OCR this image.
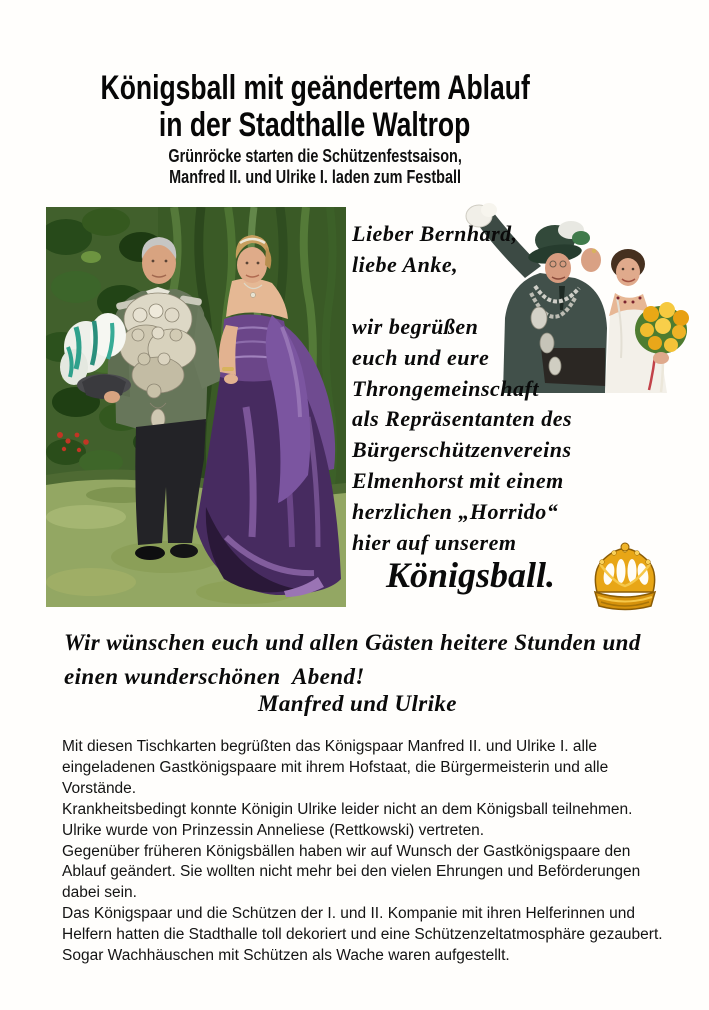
Königsball mit geändertem Ablauf
in der Stadthalle Waltrop
Grünröcke starten die Schützenfestsaison,
Manfred II. und Ulrike I. laden zum Festball
Lieber Bernhard,
liebe Anke,
wir begrüßen
euch und eure
Throngemeinschaft
als Repräsentanten des
Bürgerschützenvereins
Elmenhorst mit einem
herzlichen „Horrido“
hier auf unserem
Königsball.
Wir wünschen euch und allen Gästen heitere Stunden und
einen wunderschönen  Abend!
Manfred und Ulrike

Mit diesen Tischkarten begrüßten das Königspaar Manfred II. und Ulrike I. alle eingeladenen Gastkönigspaare mit ihrem Hofstaat, die Bürgermeisterin und alle Vorstände.

Krankheitsbedingt konnte Königin Ulrike leider nicht an dem Königsball teilnehmen. Ulrike wurde von Prinzessin Anneliese (Rettkowski) vertreten.

Gegenüber früheren Königsbällen haben wir auf Wunsch der Gastkönigspaare den Ablauf geändert. Sie wollten nicht mehr bei den vielen Ehrungen und Beförderungen dabei sein.

Das Königspaar und die Schützen der I. und II. Kompanie mit ihren Helferinnen und Helfern hatten die Stadthalle toll dekoriert und eine Schützenzeltatmosphäre gezaubert. Sogar Wachhäuschen mit Schützen als Wache waren aufgestellt.
